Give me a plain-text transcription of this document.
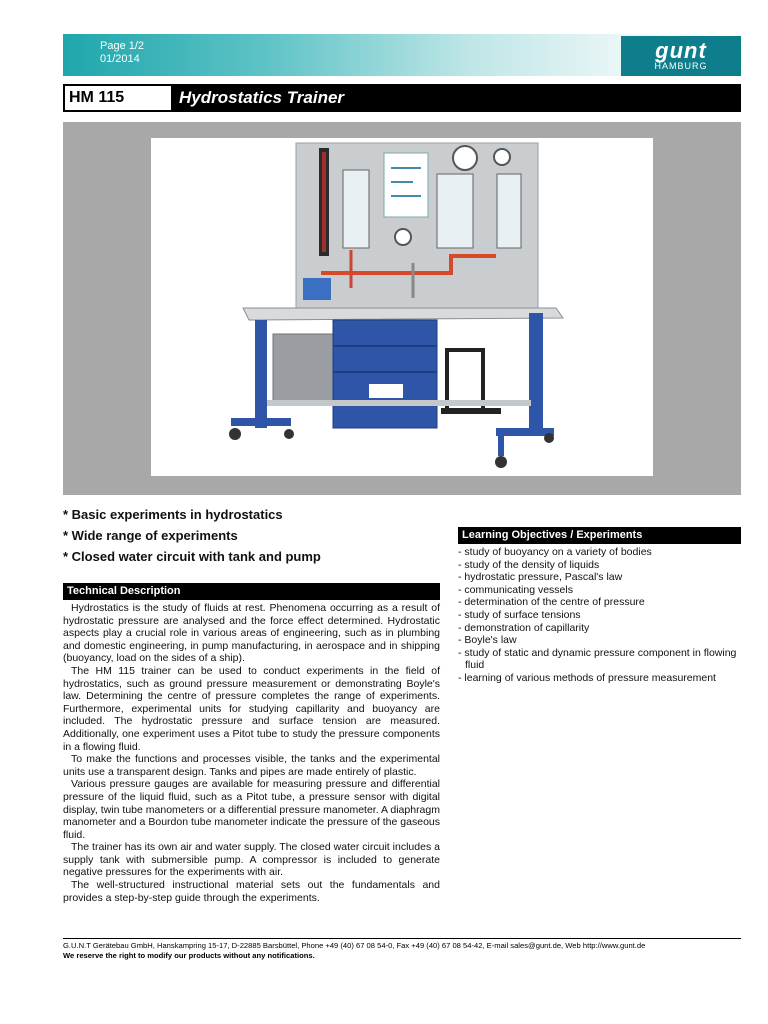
Page 1/2
01/2014	gunt
HAMBURG
HM 115	Hydrostatics Trainer
* Basic experiments in hydrostatics
* Wide range of experiments
* Closed water circuit with tank and pump
Technical Description

Hydrostatics is the study of fluids at rest. Phenomena occurring as a result of hydrostatic pressure are analysed and the force effect determined. Hydrostatic aspects play a crucial role in various areas of engineering, such as in plumbing and domestic engineering, in pump manufacturing, in aerospace and in shipping (buoyancy, load on the sides of a ship).

The HM 115 trainer can be used to conduct experiments in the field of hydrostatics, such as ground pressure measurement or demonstrating Boyle's law. Determining the centre of pressure completes the range of experiments. Furthermore, experimental units for studying capillarity and buoyancy are included. The hydrostatic pressure and surface tension are measured. Additionally, one experiment uses a Pitot tube to study the pressure components in a flowing fluid.

To make the functions and processes visible, the tanks and the experimental units use a transparent design. Tanks and pipes are made entirely of plastic.

Various pressure gauges are available for measuring pressure and differential pressure of the liquid fluid, such as a Pitot tube, a pressure sensor with digital display, twin tube manometers or a differential pressure manometer. A diaphragm manometer and a Bourdon tube manometer indicate the pressure of the gaseous fluid.

The trainer has its own air and water supply. The closed water circuit includes a supply tank with submersible pump. A compressor is included to generate negative pressures for the experiments with air.

The well-structured instructional material sets out the fundamentals and provides a step-by-step guide through the experiments.

Learning Objectives / Experiments
- study of buoyancy on a variety of bodies
- study of the density of liquids
- hydrostatic pressure, Pascal's law
- communicating vessels
- determination of the centre of pressure
- study of surface tensions
- demonstration of capillarity
- Boyle's law
- study of static and dynamic pressure component in flowing fluid
- learning of various methods of pressure measurement
G.U.N.T Gerätebau GmbH, Hanskampring 15-17, D-22885 Barsbüttel, Phone +49 (40) 67 08 54-0, Fax +49 (40) 67 08 54-42, E-mail sales@gunt.de, Web http://www.gunt.de
We reserve the right to modify our products without any notifications.
